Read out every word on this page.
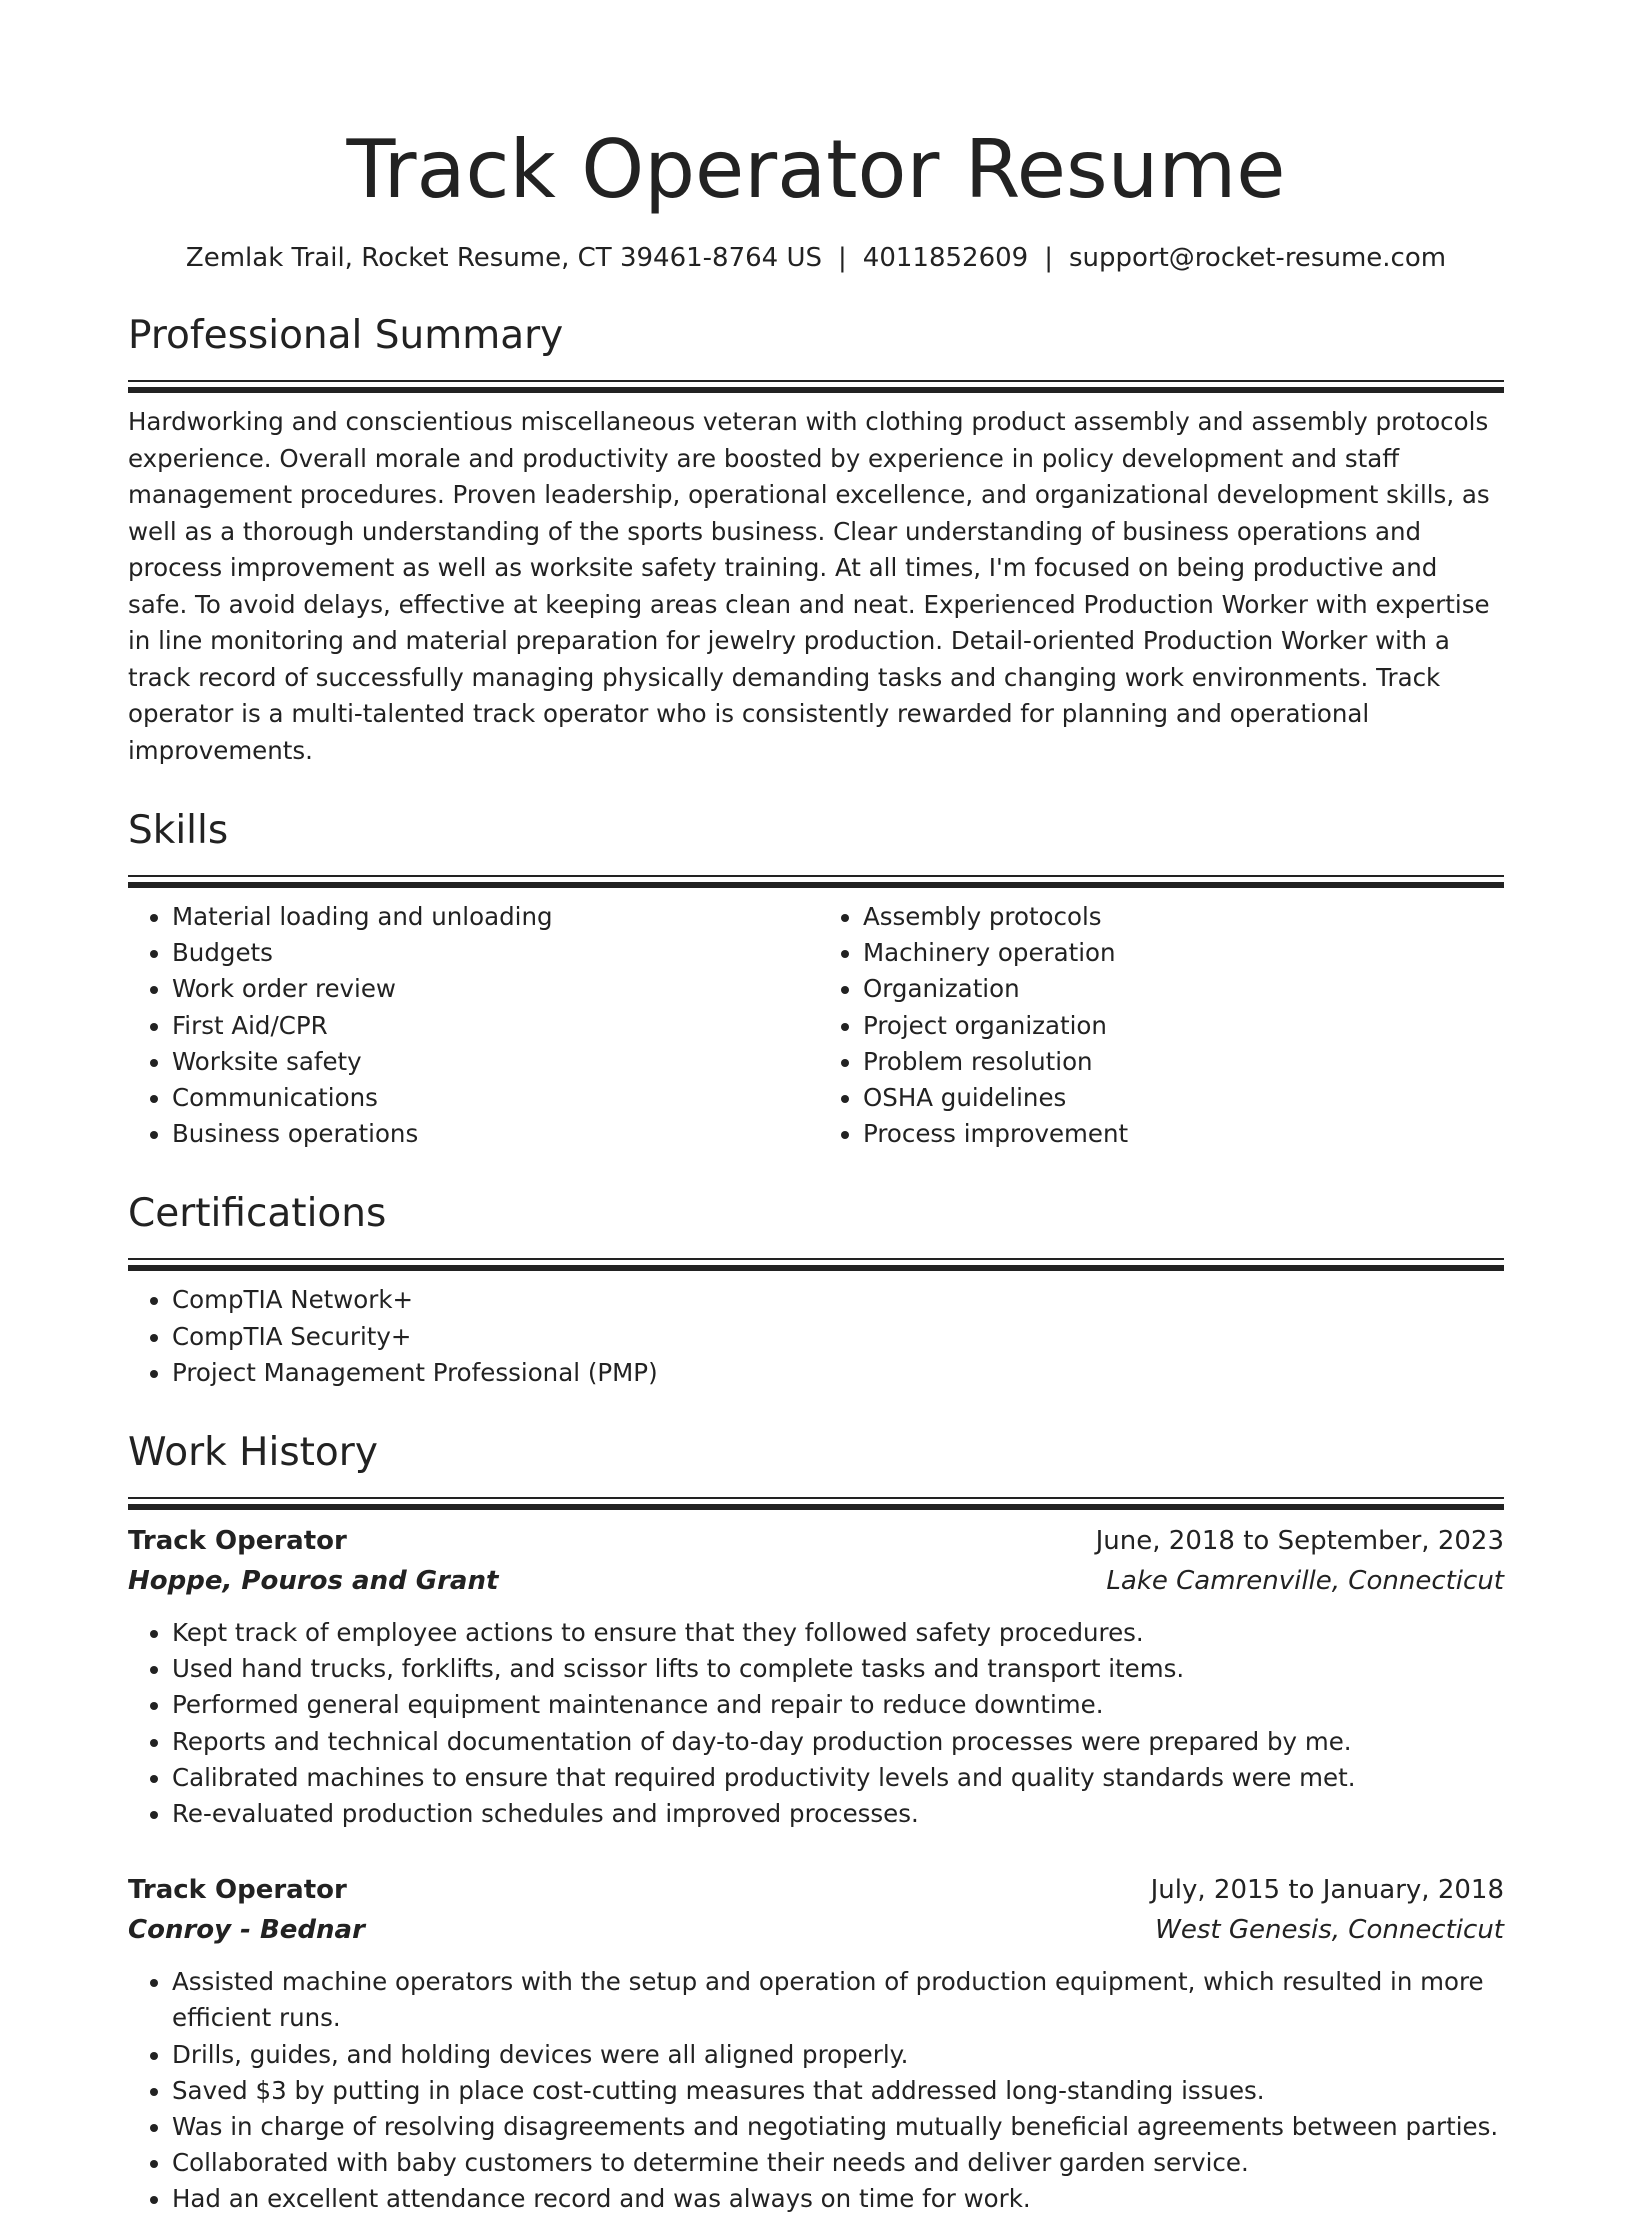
Track Operator Resume
Zemlak Trail, Rocket Resume, CT 39461-8764 US | 4011852609 | support@rocket-resume.com
Professional Summary

Hardworking and conscientious miscellaneous veteran with clothing product assembly and assembly protocols experience. Overall morale and productivity are boosted by experience in policy development and staff management procedures. Proven leadership, operational excellence, and organizational development skills, as well as a thorough understanding of the sports business. Clear understanding of business operations and process improvement as well as worksite safety training. At all times, I'm focused on being productive and safe. To avoid delays, effective at keeping areas clean and neat. Experienced Production Worker with expertise in line monitoring and material preparation for jewelry production. Detail-oriented Production Worker with a track record of successfully managing physically demanding tasks and changing work environments. Track operator is a multi-talented track operator who is consistently rewarded for planning and operational improvements.

Skills
• Material loading and unloading
• Budgets
• Work order review
• First Aid/CPR
• Worksite safety
• Communications
• Business operations
• Assembly protocols
• Machinery operation
• Organization
• Project organization
• Problem resolution
• OSHA guidelines
• Process improvement
Certifications
• CompTIA Network+
• CompTIA Security+
• Project Management Professional (PMP)
Work History
Track Operator	June, 2018 to September, 2023
Hoppe, Pouros and Grant	Lake Camrenville, Connecticut
• Kept track of employee actions to ensure that they followed safety procedures.
• Used hand trucks, forklifts, and scissor lifts to complete tasks and transport items.
• Performed general equipment maintenance and repair to reduce downtime.
• Reports and technical documentation of day-to-day production processes were prepared by me.
• Calibrated machines to ensure that required productivity levels and quality standards were met.
• Re-evaluated production schedules and improved processes.
Track Operator	July, 2015 to January, 2018
Conroy - Bednar	West Genesis, Connecticut
• Assisted machine operators with the setup and operation of production equipment, which resulted in more efficient runs.
• Drills, guides, and holding devices were all aligned properly.
• Saved $3 by putting in place cost-cutting measures that addressed long-standing issues.
• Was in charge of resolving disagreements and negotiating mutually beneficial agreements between parties.
• Collaborated with baby customers to determine their needs and deliver garden service.
• Had an excellent attendance record and was always on time for work.
